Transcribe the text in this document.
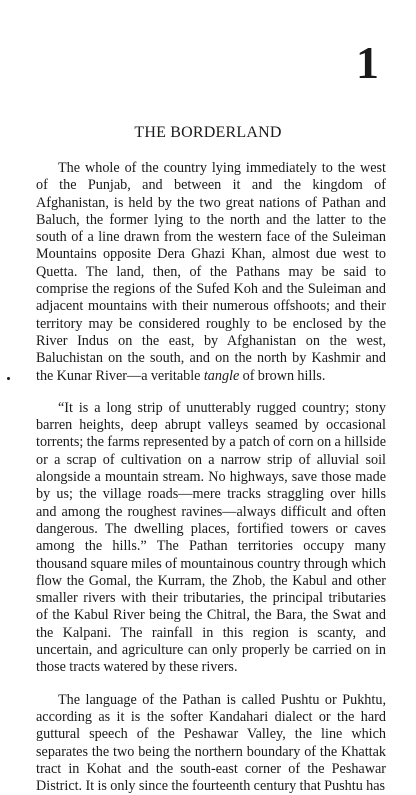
1
THE BORDERLAND

The whole of the country lying immediately to the west of the Punjab, and between it and the kingdom of Afghanistan, is held by the two great nations of Pathan and Baluch, the former lying to the north and the latter to the south of a line drawn from the western face of the Suleiman Mountains opposite Dera Ghazi Khan, almost due west to Quetta. The land, then, of the Pathans may be said to comprise the regions of the Sufed Koh and the Suleiman and adjacent mountains with their numerous offshoots; and their territory may be considered roughly to be enclosed by the River Indus on the east, by Afghanistan on the west, Baluchistan on the south, and on the north by Kashmir and the Kunar River—a veritable tangle of brown hills.

“It is a long strip of unutterably rugged country; stony barren heights, deep abrupt valleys seamed by occasional torrents; the farms represented by a patch of corn on a hillside or a scrap of cultivation on a narrow strip of alluvial soil alongside a mountain stream. No highways, save those made by us; the village roads—mere tracks straggling over hills and among the roughest ravines—always difficult and often dangerous. The dwelling places, fortified towers or caves among the hills.” The Pathan territories occupy many thousand square miles of mountainous country through which flow the Gomal, the Kurram, the Zhob, the Kabul and other smaller rivers with their tributaries, the principal tributaries of the Kabul River being the Chitral, the Bara, the Swat and the Kalpani. The rainfall in this region is scanty, and uncertain, and agriculture can only properly be carried on in those tracts watered by these rivers.

The language of the Pathan is called Pushtu or Pukhtu, according as it is the softer Kandahari dialect or the hard guttural speech of the Peshawar Valley, the line which separates the two being the northern boundary of the Khattak tract in Kohat and the south-east corner of the Peshawar District. It is only since the fourteenth century that Pushtu has
